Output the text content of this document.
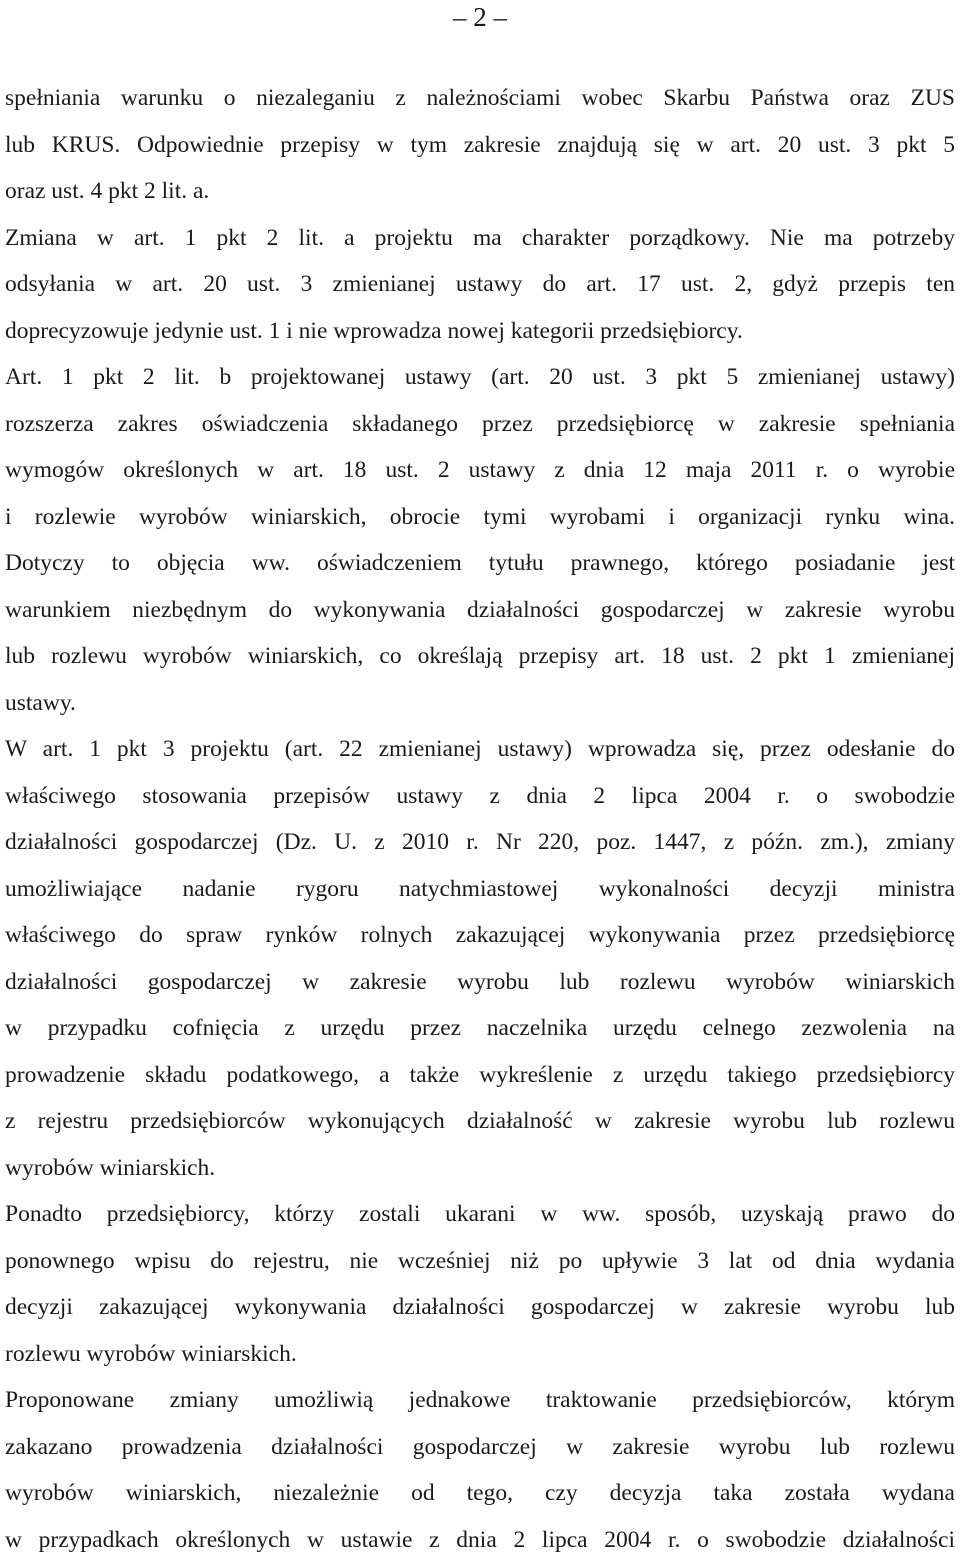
– 2 –
spełniania warunku o niezaleganiu z należnościami wobec Skarbu Państwa oraz ZUS
lub KRUS. Odpowiednie przepisy w tym zakresie znajdują się w art. 20 ust. 3 pkt 5
oraz ust. 4 pkt 2 lit. a.
Zmiana w art. 1 pkt 2 lit. a projektu ma charakter porządkowy. Nie ma potrzeby
odsyłania w art. 20 ust. 3 zmienianej ustawy do art. 17 ust. 2, gdyż przepis ten
doprecyzowuje jedynie ust. 1 i nie wprowadza nowej kategorii przedsiębiorcy.
Art. 1 pkt 2 lit. b projektowanej ustawy (art. 20 ust. 3 pkt 5 zmienianej ustawy)
rozszerza zakres oświadczenia składanego przez przedsiębiorcę w zakresie spełniania
wymogów określonych w art. 18 ust. 2 ustawy z dnia 12 maja 2011 r. o wyrobie
i rozlewie wyrobów winiarskich, obrocie tymi wyrobami i organizacji rynku wina.
Dotyczy to objęcia ww. oświadczeniem tytułu prawnego, którego posiadanie jest
warunkiem niezbędnym do wykonywania działalności gospodarczej w zakresie wyrobu
lub rozlewu wyrobów winiarskich, co określają przepisy art. 18 ust. 2 pkt 1 zmienianej
ustawy.
W art. 1 pkt 3 projektu (art. 22 zmienianej ustawy) wprowadza się, przez odesłanie do
właściwego stosowania przepisów ustawy z dnia 2 lipca 2004 r. o swobodzie
działalności gospodarczej (Dz. U. z 2010 r. Nr 220, poz. 1447, z późn. zm.), zmiany
umożliwiające nadanie rygoru natychmiastowej wykonalności decyzji ministra
właściwego do spraw rynków rolnych zakazującej wykonywania przez przedsiębiorcę
działalności gospodarczej w zakresie wyrobu lub rozlewu wyrobów winiarskich
w przypadku cofnięcia z urzędu przez naczelnika urzędu celnego zezwolenia na
prowadzenie składu podatkowego, a także wykreślenie z urzędu takiego przedsiębiorcy
z rejestru przedsiębiorców wykonujących działalność w zakresie wyrobu lub rozlewu
wyrobów winiarskich.
Ponadto przedsiębiorcy, którzy zostali ukarani w ww. sposób, uzyskają prawo do
ponownego wpisu do rejestru, nie wcześniej niż po upływie 3 lat od dnia wydania
decyzji zakazującej wykonywania działalności gospodarczej w zakresie wyrobu lub
rozlewu wyrobów winiarskich.
Proponowane zmiany umożliwią jednakowe traktowanie przedsiębiorców, którym
zakazano prowadzenia działalności gospodarczej w zakresie wyrobu lub rozlewu
wyrobów winiarskich, niezależnie od tego, czy decyzja taka została wydana
w przypadkach określonych w ustawie z dnia 2 lipca 2004 r. o swobodzie działalności
